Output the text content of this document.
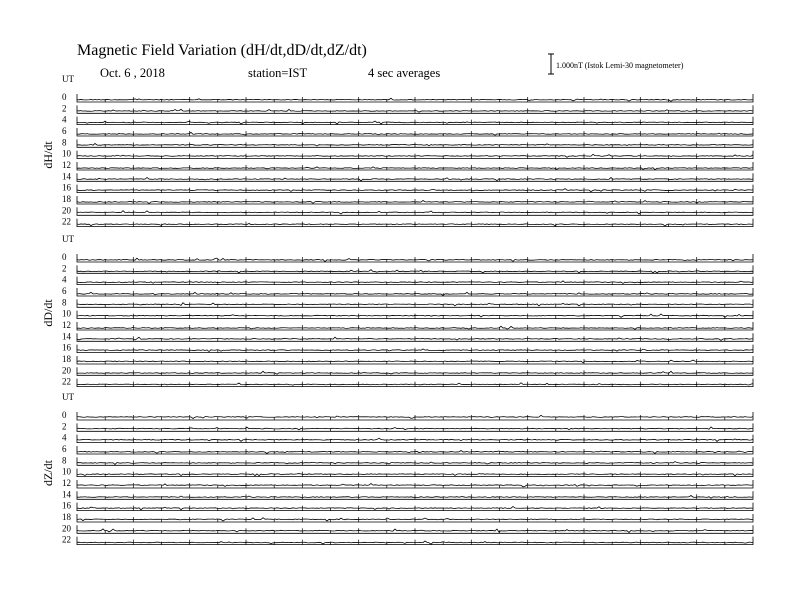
Magnetic Field Variation (dH/dt,dD/dt,dZ/dt)
Oct. 6 , 2018	station=IST	4 sec averages
1.000nT (Istok Lemi-30 magnetometer)
UT
dH/dt
0
2
4
6
8
10
12
14
16
18
20
22
UT
dD/dt
0
2
4
6
8
10
12
14
16
18
20
22
UT
dZ/dt
0
2
4
6
8
10
12
14
16
18
20
22
